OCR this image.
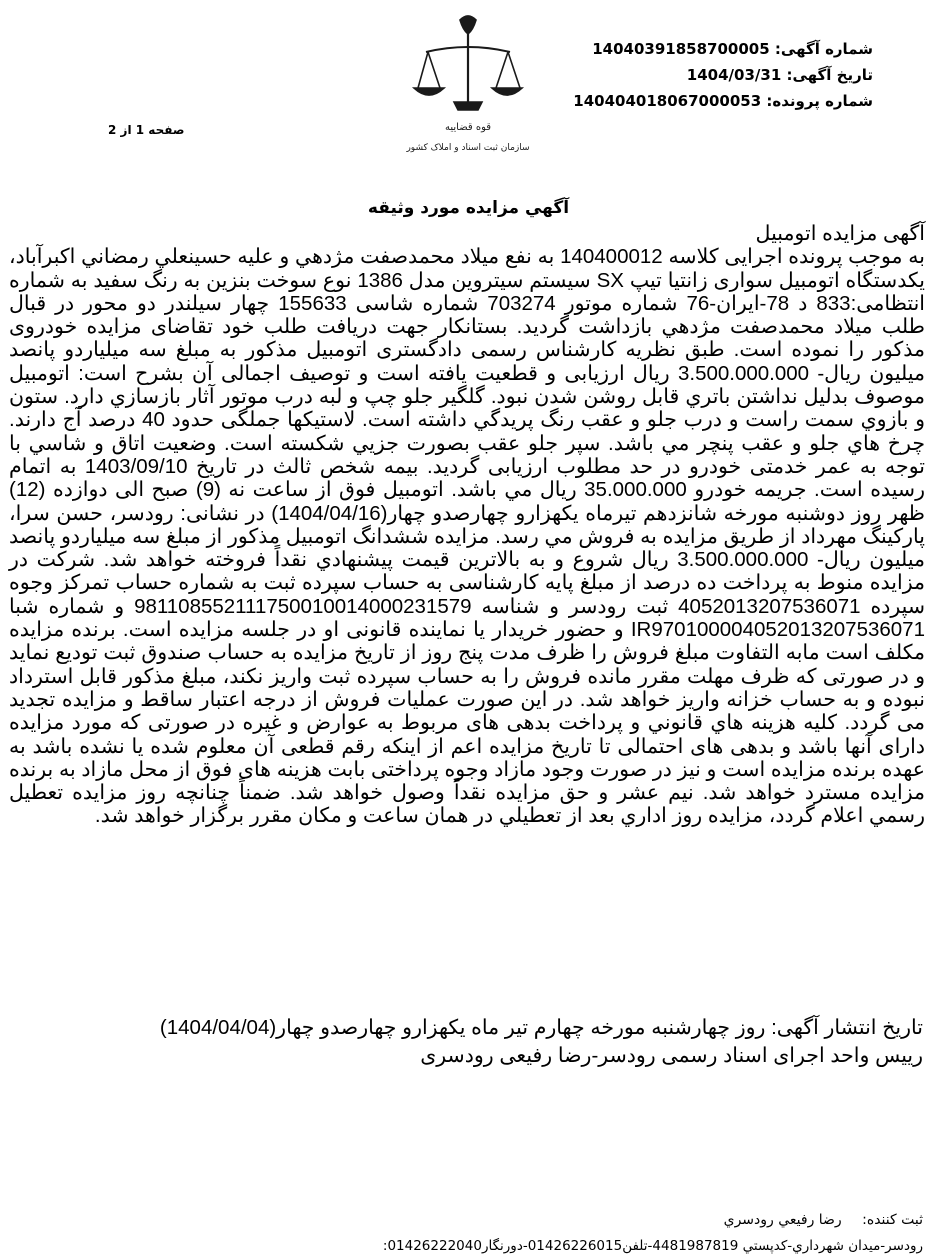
شماره آگهی: 14040391858700005
تاریخ آگهی: 1404/03/31
شماره پرونده: 140404018067000053
صفحه 1 از 2	قوه قضاییه
سازمان ثبت اسناد و املاک کشور
آگهي مزايده مورد وثيقه

آگهی مزایده اتومبیل

به موجب پرونده اجرايی کلاسه 140400012 به نفع ميلاد محمدصفت مژدهي و عليه حسينعلي رمضاني اکبرآباد، يکدستگاه اتومبيل سواری زانتيا تيپ SX سيستم سيتروين مدل 1386 نوع سوخت بنزين به رنگ سفيد به شماره انتظامی:833 د 78-ايران-76 شماره موتور 703274 شماره شاسی 155633 چهار سيلندر دو محور در قبال طلب ميلاد محمدصفت مژدهي بازداشت گرديد. بستانکار جهت دريافت طلب خود تقاضای مزايده خودروی مذکور را نموده است. طبق نظريه کارشناس رسمی دادگستری اتومبيل مذکور به مبلغ سه ميلياردو پانصد ميليون ريال- 3.500.000.000 ريال ارزيابی و قطعيت يافته است و توصيف اجمالی آن بشرح است: اتومبيل موصوف بدليل نداشتن باتري قابل روشن شدن نبود. گلگير جلو چپ و لبه درب موتور آثار بازسازي دارد. ستون و بازوي سمت راست و درب جلو و عقب رنگ پريدگي داشته است. لاستيکها جملگی حدود 40 درصد آج دارند. چرخ هاي جلو و عقب پنچر مي باشد. سپر جلو عقب بصورت جزيي شکسته است. وضعيت اتاق و شاسي با توجه به عمر خدمتی خودرو در حد مطلوب ارزيابی گرديد. بيمه شخص ثالث در تاريخ 1403/09/10 به اتمام رسيده است. جريمه خودرو 35.000.000 ريال مي باشد. اتومبيل فوق از ساعت نه (9) صبح الی دوازده (12) ظهر روز دوشنبه مورخه شانزدهم تيرماه يکهزارو چهارصدو چهار(1404/04/16) در نشانی: رودسر، حسن سرا، پارکينگ مهرداد از طريق مزايده به فروش مي رسد. مزايده ششدانگ اتومبيل مذکور از مبلغ سه ميلياردو پانصد ميليون ريال- 3.500.000.000 ريال شروع و به بالاترين قيمت پيشنهادي نقداً فروخته خواهد شد. شرکت در مزايده منوط به پرداخت ده درصد از مبلغ پايه کارشناسی به حساب سپرده ثبت به شماره حساب تمرکز وجوه سپرده 4052013207536071 ثبت رودسر و شناسه 981108552111750010014000231579 و شماره شبا IR970100004052013207536071 و حضور خريدار يا نماينده قانونی او در جلسه مزايده است. برنده مزايده مکلف است مابه التفاوت مبلغ فروش را ظرف مدت پنج روز از تاريخ مزايده به حساب صندوق ثبت توديع نمايد و در صورتی که ظرف مهلت مقرر مانده فروش را به حساب سپرده ثبت واريز نکند، مبلغ مذکور قابل استرداد نبوده و به حساب خزانه واريز خواهد شد. در اين صورت عمليات فروش از درجه اعتبار ساقط و مزايده تجديد می گردد. کليه هزينه هاي قانوني و پرداخت بدهی های مربوط به عوارض و غيره در صورتی که مورد مزايده دارای آنها باشد و بدهی های احتمالی تا تاريخ مزايده اعم از اينکه رقم قطعی آن معلوم شده يا نشده باشد به عهده برنده مزايده است و نيز در صورت وجود مازاد وجوه پرداختی بابت هزينه های فوق از محل مازاد به برنده مزايده مسترد خواهد شد. نيم عشر و حق مزايده نقداً وصول خواهد شد. ضمناً چنانچه روز مزايده تعطيل رسمي اعلام گردد، مزايده روز اداري بعد از تعطيلي در همان ساعت و مکان مقرر برگزار خواهد شد.

تاریخ انتشار آگهی: روز چهارشنبه مورخه چهارم تیر ماه یکهزارو چهارصدو چهار(1404/04/04)
رییس واحد اجرای اسناد رسمی رودسر-رضا رفیعی رودسری
ثبت کننده: رضا رفيعي رودسري
رودسر-ميدان شهرداري-کدپستي 4481987819-تلفن01426226015-دورنگار01426222040:
